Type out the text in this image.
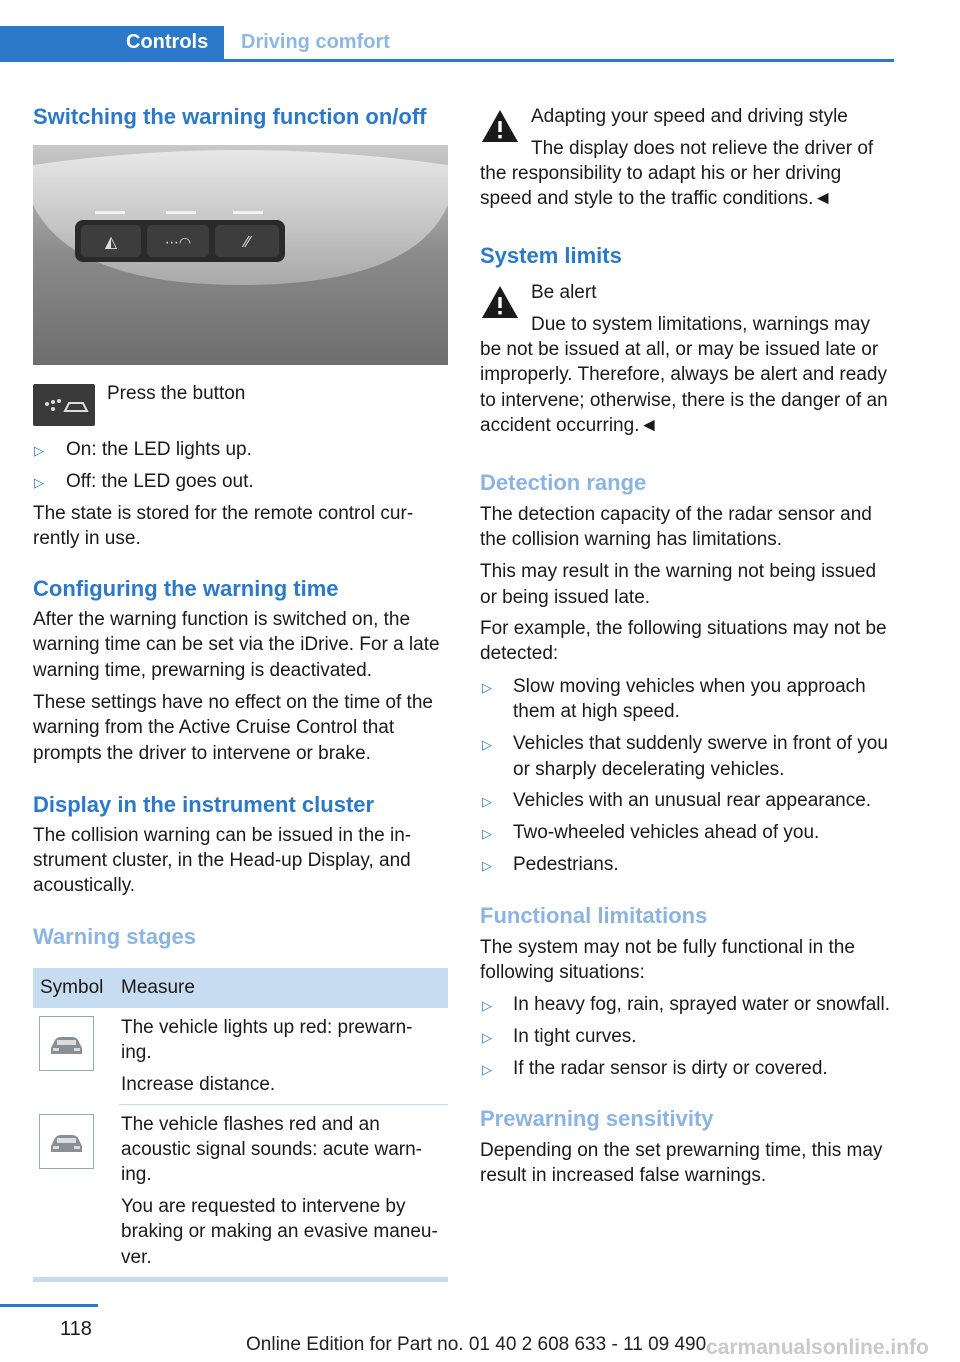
Controls Driving comfort
Switching the warning function on/off
◭	⋯◠	⁄⁄
Press the button
▷ On: the LED lights up.
▷ Off: the LED goes out.
The state is stored for the remote control cur‐
rently in use.
Configuring the warning time
After the warning function is switched on, the
warning time can be set via the iDrive. For a late
warning time, prewarning is deactivated.
These settings have no effect on the time of the
warning from the Active Cruise Control that
prompts the driver to intervene or brake.
Display in the instrument cluster
The collision warning can be issued in the in‐
strument cluster, in the Head-up Display, and
acoustically.
Warning stages
Symbol Measure
The vehicle lights up red: prewarn‐
ing.
Increase distance.
The vehicle flashes red and an
acoustic signal sounds: acute warn‐
ing.
You are requested to intervene by
braking or making an evasive maneu‐
ver.
Adapting your speed and driving style
The display does not relieve the driver of
the responsibility to adapt his or her driving
speed and style to the traffic conditions.◄
System limits
Be alert
Due to system limitations, warnings may
be not be issued at all, or may be issued late or
improperly. Therefore, always be alert and ready
to intervene; otherwise, there is the danger of an
accident occurring.◄
Detection range
The detection capacity of the radar sensor and
the collision warning has limitations.
This may result in the warning not being issued
or being issued late.
For example, the following situations may not be
detected:
▷ Slow moving vehicles when you approach
them at high speed.
▷ Vehicles that suddenly swerve in front of you
or sharply decelerating vehicles.
▷ Vehicles with an unusual rear appearance.
▷ Two-wheeled vehicles ahead of you.
▷ Pedestrians.
Functional limitations
The system may not be fully functional in the
following situations:
▷ In heavy fog, rain, sprayed water or snowfall.
▷ In tight curves.
▷ If the radar sensor is dirty or covered.
Prewarning sensitivity
Depending on the set prewarning time, this may
result in increased false warnings.
118
Online Edition for Part no. 01 40 2 608 633 - 11 09 490 carmanualsonline.info
